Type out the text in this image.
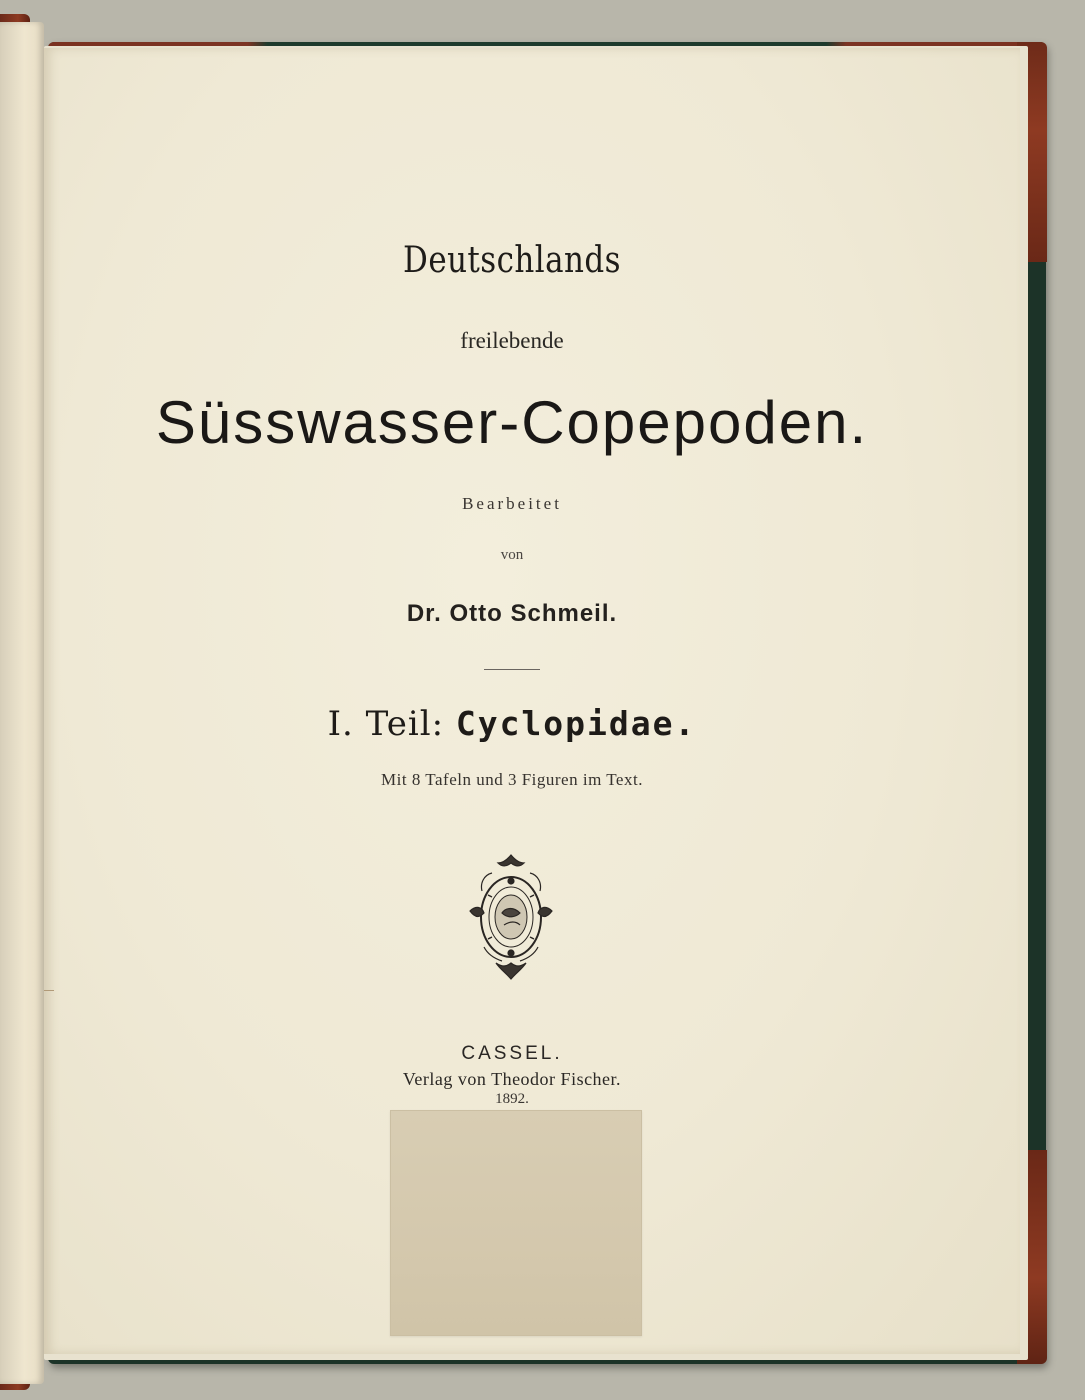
Deutschlands
freilebende
Süsswasser-Copepoden.
Bearbeitet
von
Dr. Otto Schmeil.
I. Teil: Cyclopidae.
Mit 8 Tafeln und 3 Figuren im Text.
CASSEL.
Verlag von Theodor Fischer.
1892.
